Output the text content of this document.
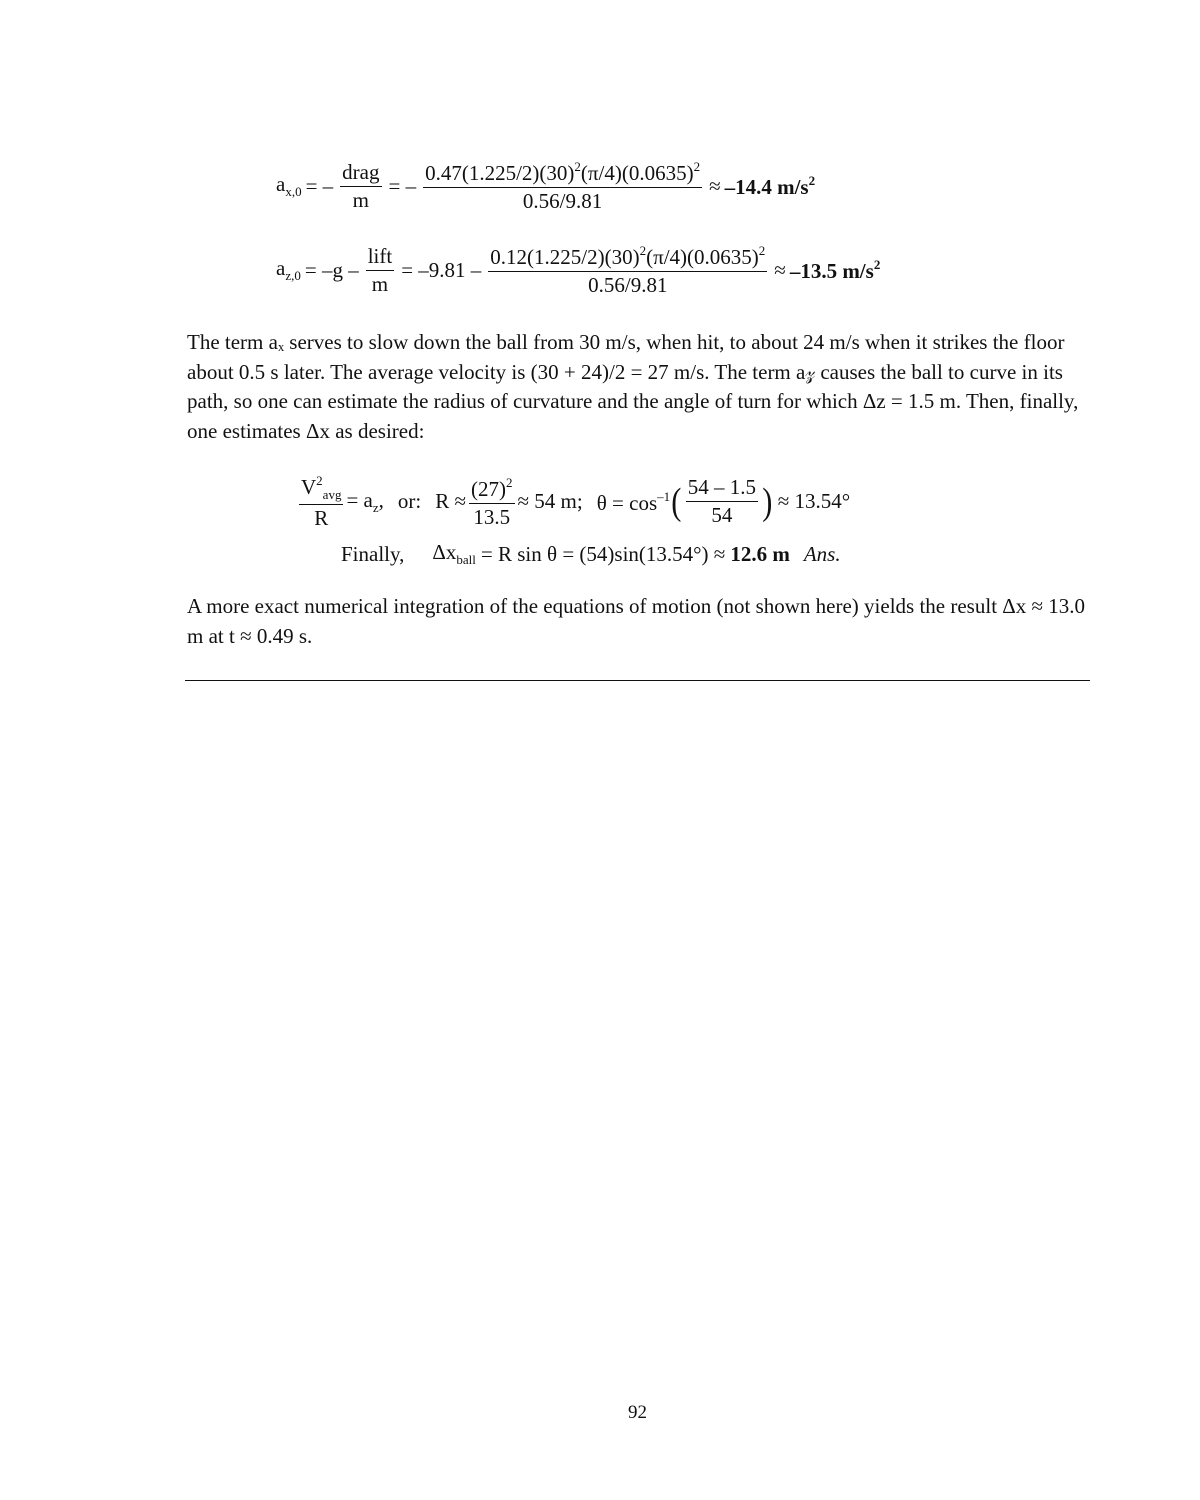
$a_{x,0}$ = – $\frac{\text{drag}}{m}$ = – $\frac{0.47(1.225/2)(30)^2(\pi/4)(0.0635)^2}{0.56/9.81} \approx -14.4$ $m/s^2$
$a_{z,0} = -g - \frac{\text{lift}}{m} = -9.81 - \frac{0.12(1.225/2)(30)^2(\pi/4)(0.0635)^2}{0.56/9.81} \approx -13.5$ $m/s^2$
The term aₓ serves to slow down the ball from 30 m/s, when hit, to about 24 m/s when it strikes the floor about 0.5 s later. The average velocity is (30 + 24)/2 = 27 m/s. The term a𝓏 causes the ball to curve in its path, so one can estimate the radius of curvature and the angle of turn for which Δz = 1.5 m. Then, finally, one estimates Δx as desired:
$\frac{V^2_{avg}}{R} = a_z$, or: $R \approx \frac{(27)^2}{13.5} \approx 54$ m; $\theta = \cos^{-1}$ ( $\frac{54 - 1.5}{54}$ ) ≈ 13.54°
Finally, $\Delta x_{ball} = R$ sin θ = (54)sin(13.54°) ≈ 12.6 m Ans.
A more exact numerical integration of the equations of motion (not shown here) yields the result Δx ≈ 13.0 m at t ≈ 0.49 s.
92
